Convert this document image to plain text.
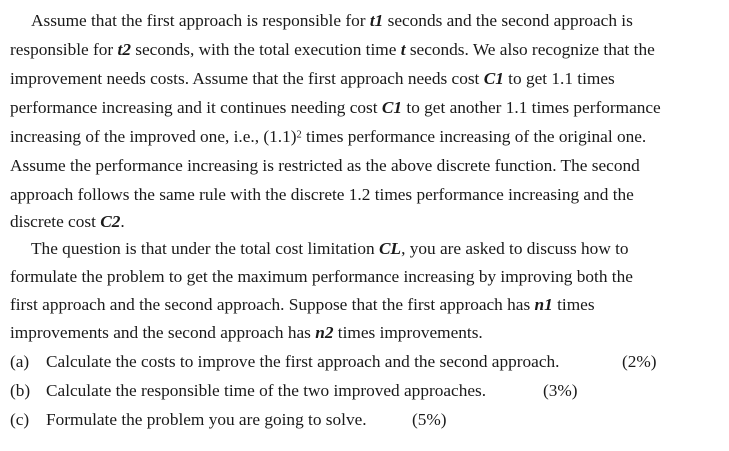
Assume that the first approach is responsible for t1 seconds and the second approach is
responsible for t2 seconds, with the total execution time t seconds. We also recognize that the
improvement needs costs. Assume that the first approach needs cost C1 to get 1.1 times
performance increasing and it continues needing cost C1 to get another 1.1 times performance
increasing of the improved one, i.e., $(1.1)^2$ times performance increasing of the original one.
Assume the performance increasing is restricted as the above discrete function. The second
approach follows the same rule with the discrete 1.2 times performance increasing and the
discrete cost C2.
The question is that under the total cost limitation CL, you are asked to discuss how to
formulate the problem to get the maximum performance increasing by improving both the
first approach and the second approach. Suppose that the first approach has n1 times
improvements and the second approach has n2 times improvements.
(a) Calculate the costs to improve the first approach and the second approach.	(2%)
(b) Calculate the responsible time of the two improved approaches.	(3%)
(c) Formulate the problem you are going to solve.	(5%)
